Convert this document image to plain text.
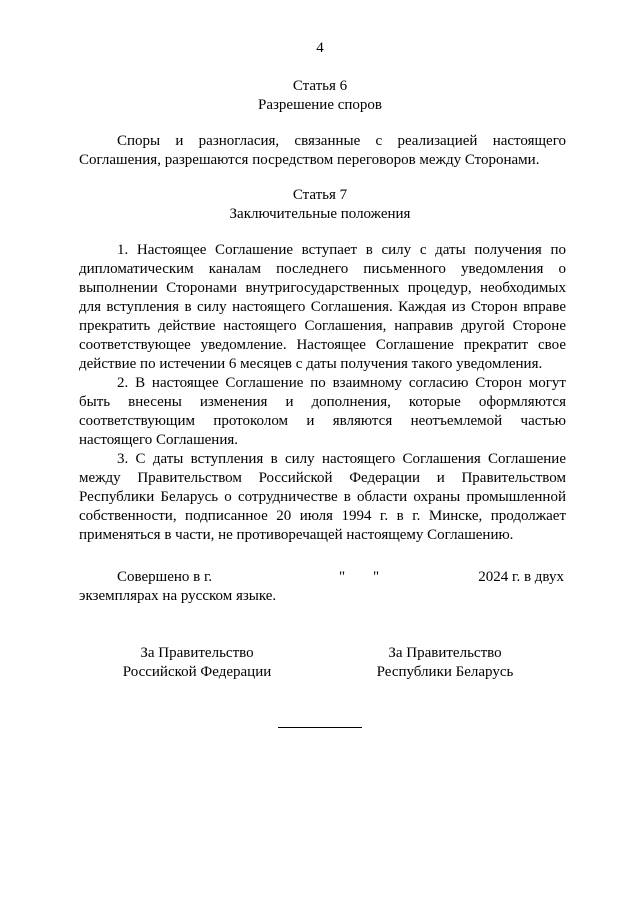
4
Статья 6
Разрешение споров

Споры и разногласия, связанные с реализацией настоящего Соглашения, разрешаются посредством переговоров между Сторонами.

Статья 7
Заключительные положения

1. Настоящее Соглашение вступает в силу с даты получения по дипломатическим каналам последнего письменного уведомления о выполнении Сторонами внутригосударственных процедур, необходимых для вступления в силу настоящего Соглашения. Каждая из Сторон вправе прекратить действие настоящего Соглашения, направив другой Стороне соответствующее уведомление. Настоящее Соглашение прекратит свое действие по истечении 6 месяцев с даты получения такого уведомления.

2. В настоящее Соглашение по взаимному согласию Сторон могут быть внесены изменения и дополнения, которые оформляются соответствующим протоколом и являются неотъемлемой частью настоящего Соглашения.

3. С даты вступления в силу настоящего Соглашения Соглашение между Правительством Российской Федерации и Правительством Республики Беларусь о сотрудничестве в области охраны промышленной собственности, подписанное 20 июля 1994 г. в г. Минске, продолжает применяться в части, не противоречащей настоящему Соглашению.

Совершено в г.	" "	2024 г. в двух
экземплярах на русском языке.
За Правительство
Российской Федерации
За Правительство
Республики Беларусь
